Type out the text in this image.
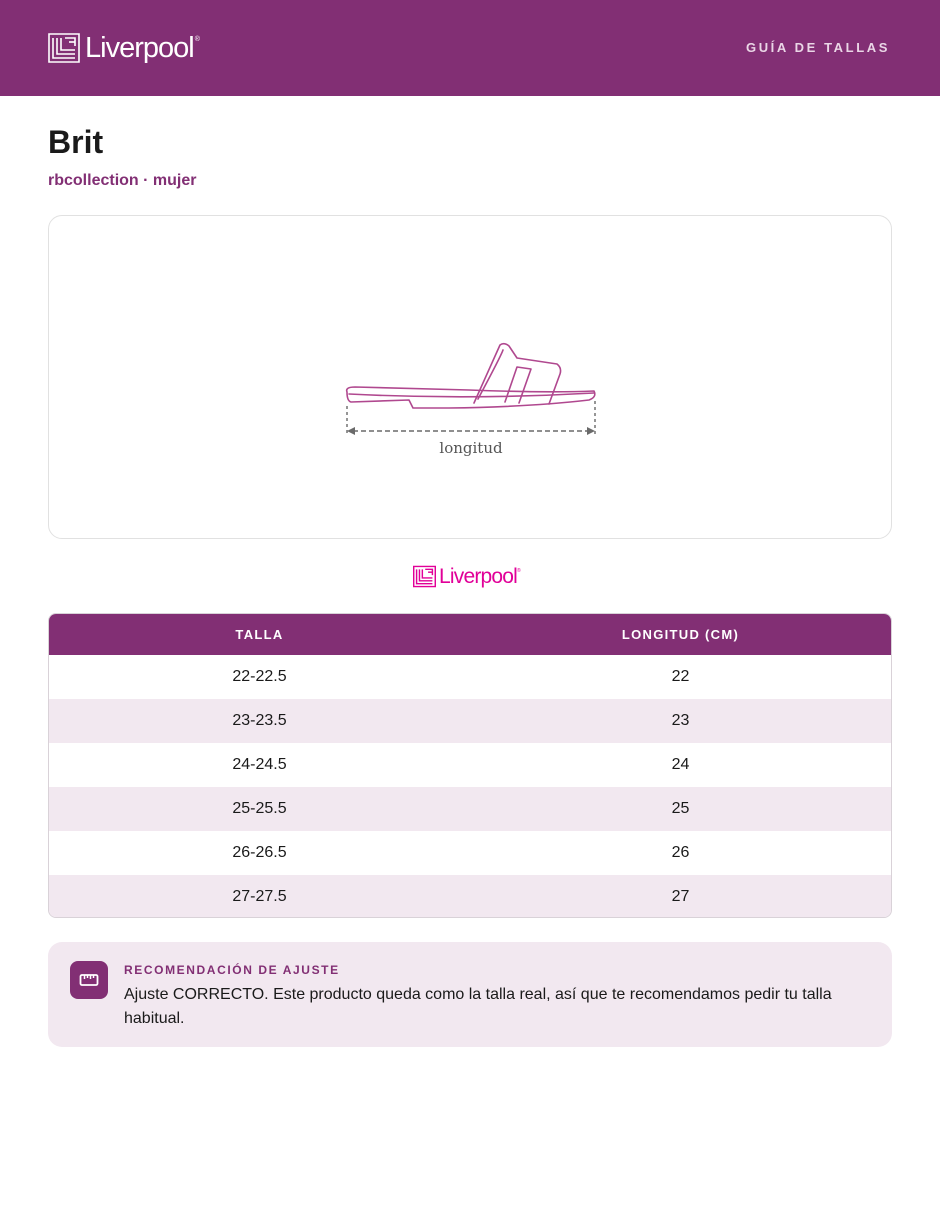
Liverpool ®
GUÍA DE TALLAS
Brit
rbcollection · mujer
longitud
Liverpool ®
TALLA	LONGITUD (CM)
22-22.5	22
23-23.5	23
24-24.5	24
25-25.5	25
26-26.5	26
27-27.5	27
RECOMENDACIÓN DE AJUSTE
Ajuste CORRECTO. Este producto queda como la talla real, así que te recomendamos pedir tu talla habitual.
